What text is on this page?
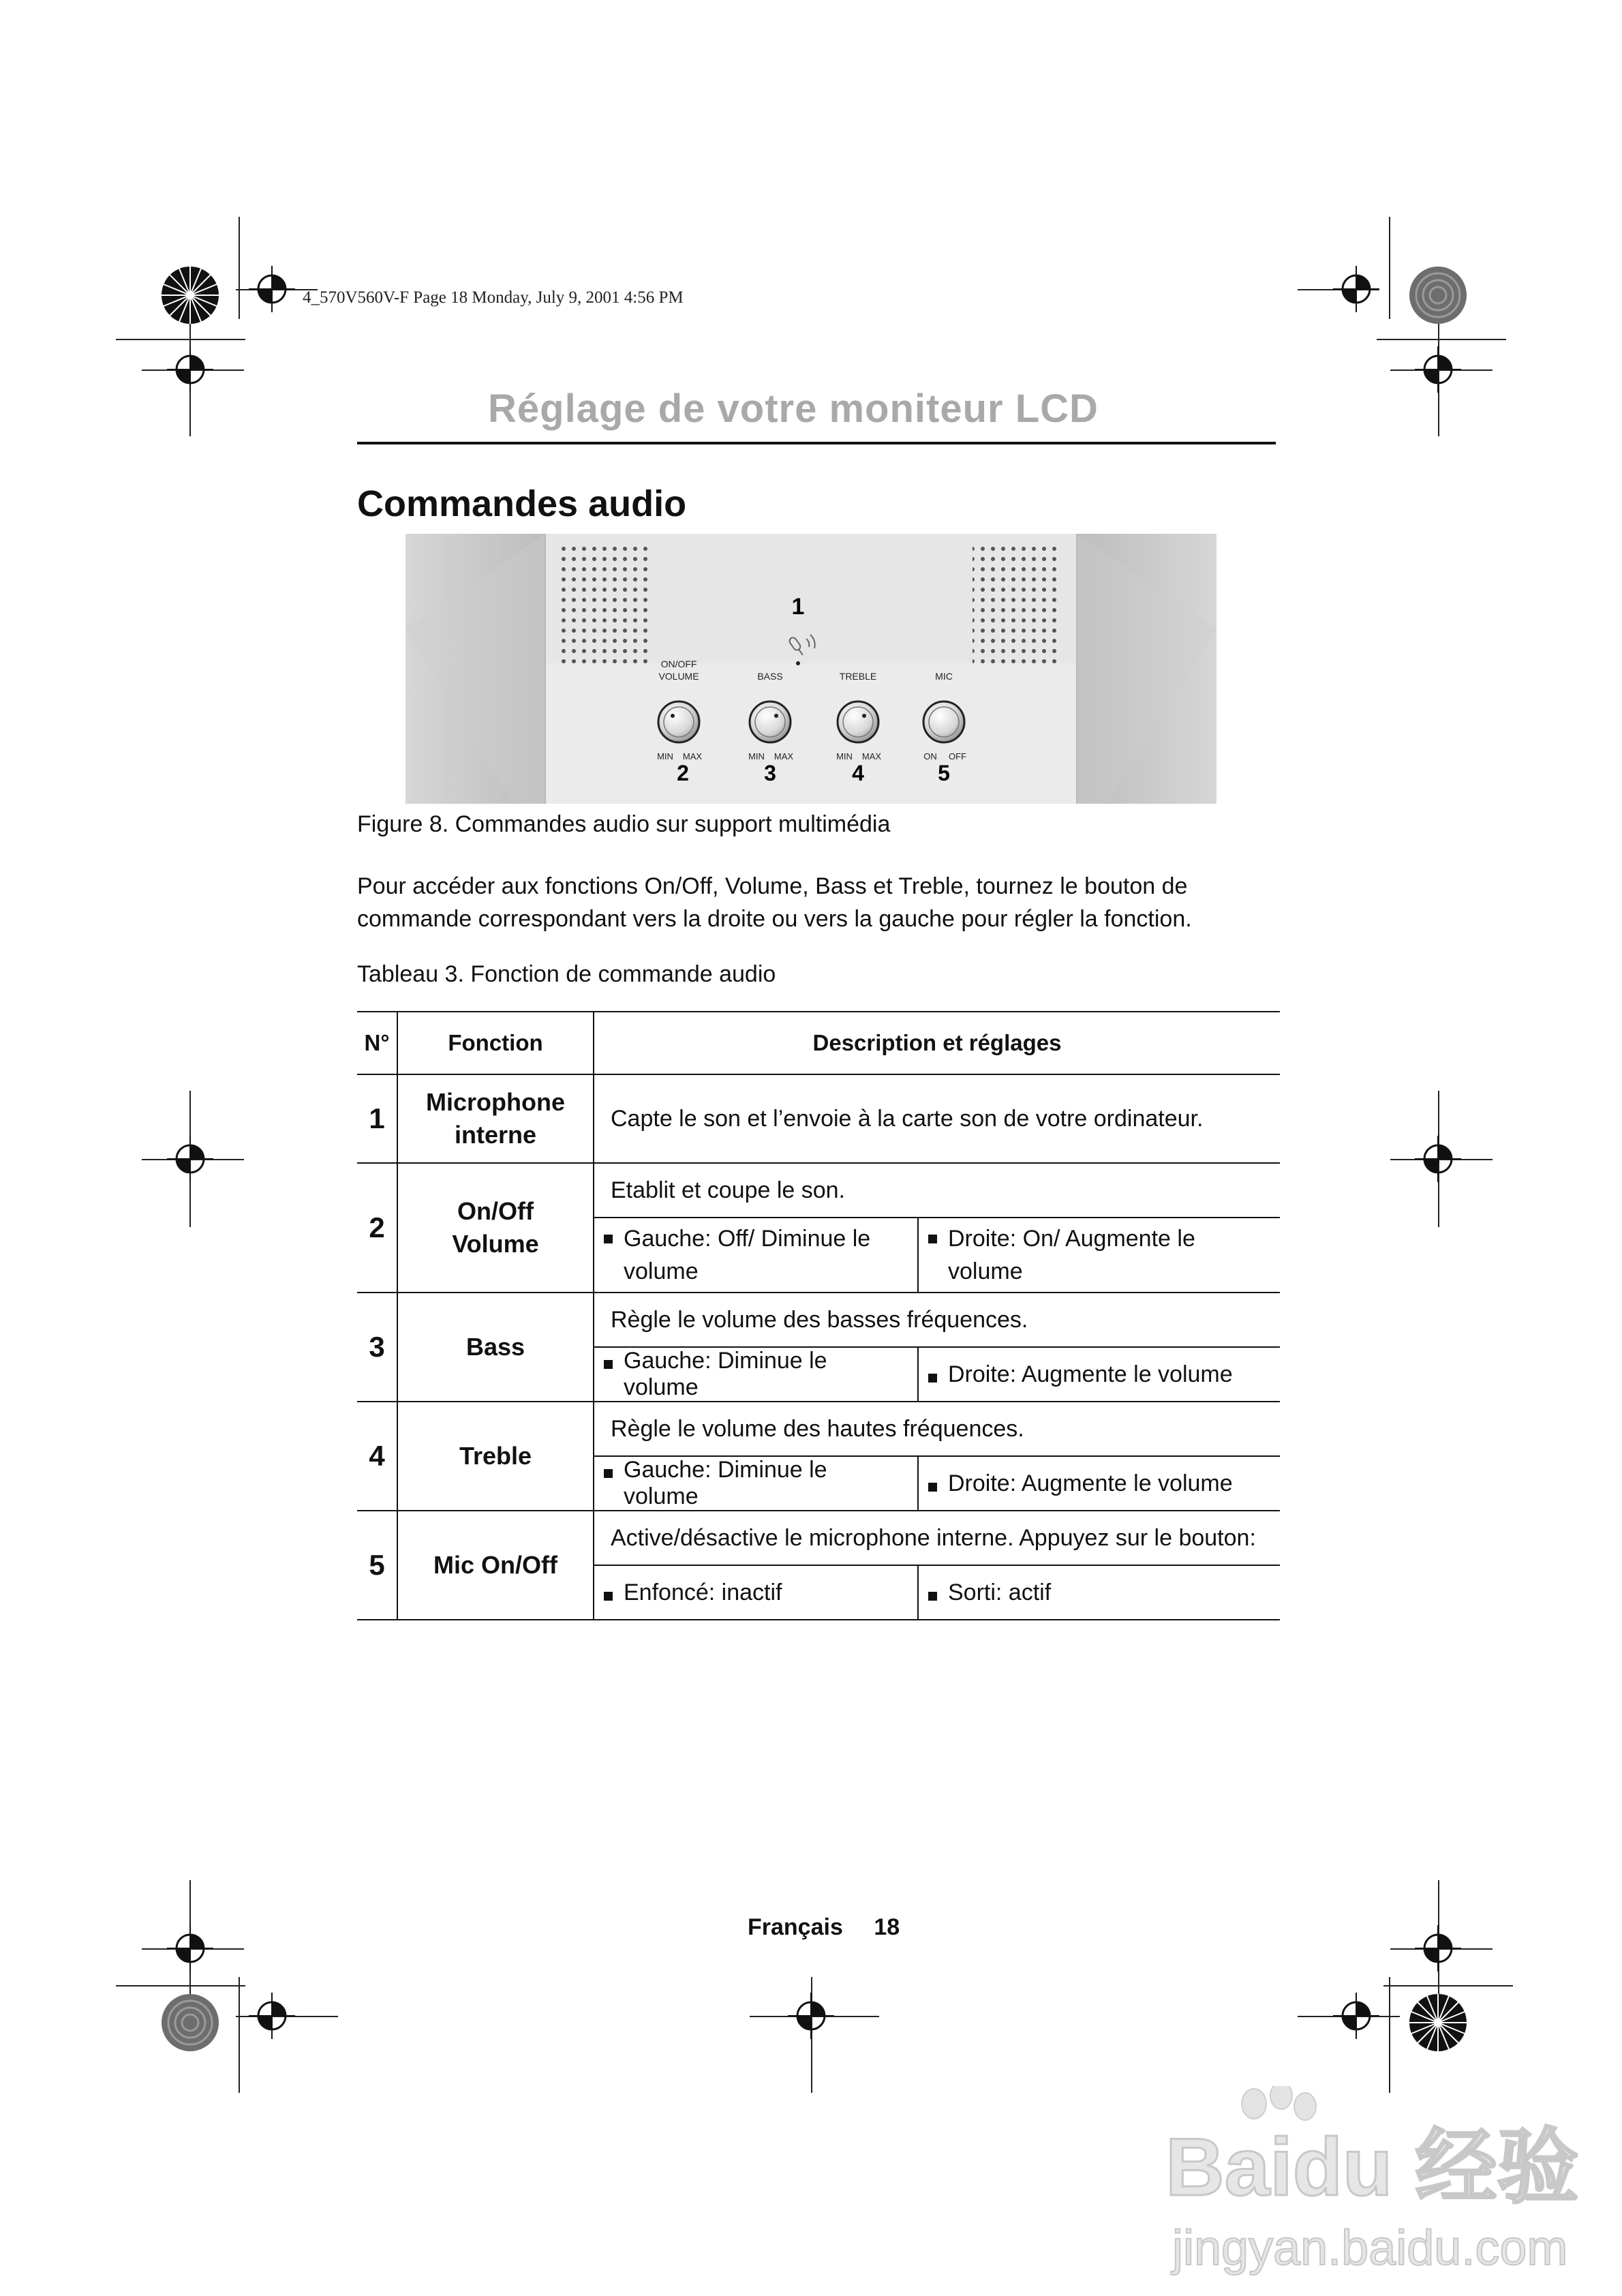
4_570V560V-F Page 18 Monday, July 9, 2001 4:56 PM
Réglage de votre moniteur LCD
Commandes audio
1
ON/OFF
VOLUME
MIN MAX
2
BASS
MIN MAX
3
TREBLE
MIN MAX
4
MIC
ON OFF
5
Figure 8. Commandes audio sur support multimédia
Pour accéder aux fonctions On/Off, Volume, Bass et Treble, tournez le bouton de commande correspondant vers la droite ou vers la gauche pour régler la fonction.
Tableau 3. Fonction de commande audio
N°	Fonction	Description et réglages	
1	Microphone interne	Capte le son et l’envoie à la carte son de votre ordinateur.	
2	On/Off Volume	Etablit et coupe le son.	

		Gauche: Off/ Diminue le volume	Droite: On/ Augmente le volume

3	Bass	Règle le volume des basses fréquences.	

		Gauche: Diminue le volume	Droite: Augmente le volume

4	Treble	Règle le volume des hautes fréquences.	

		Gauche: Diminue le volume	Droite: Augmente le volume

5	Mic On/Off	Active/désactive le microphone interne. Appuyez sur le bouton:	

		Enfoncé: inactif	Sorti: actif
Français 18
Baidu 经验
jingyan.baidu.com
